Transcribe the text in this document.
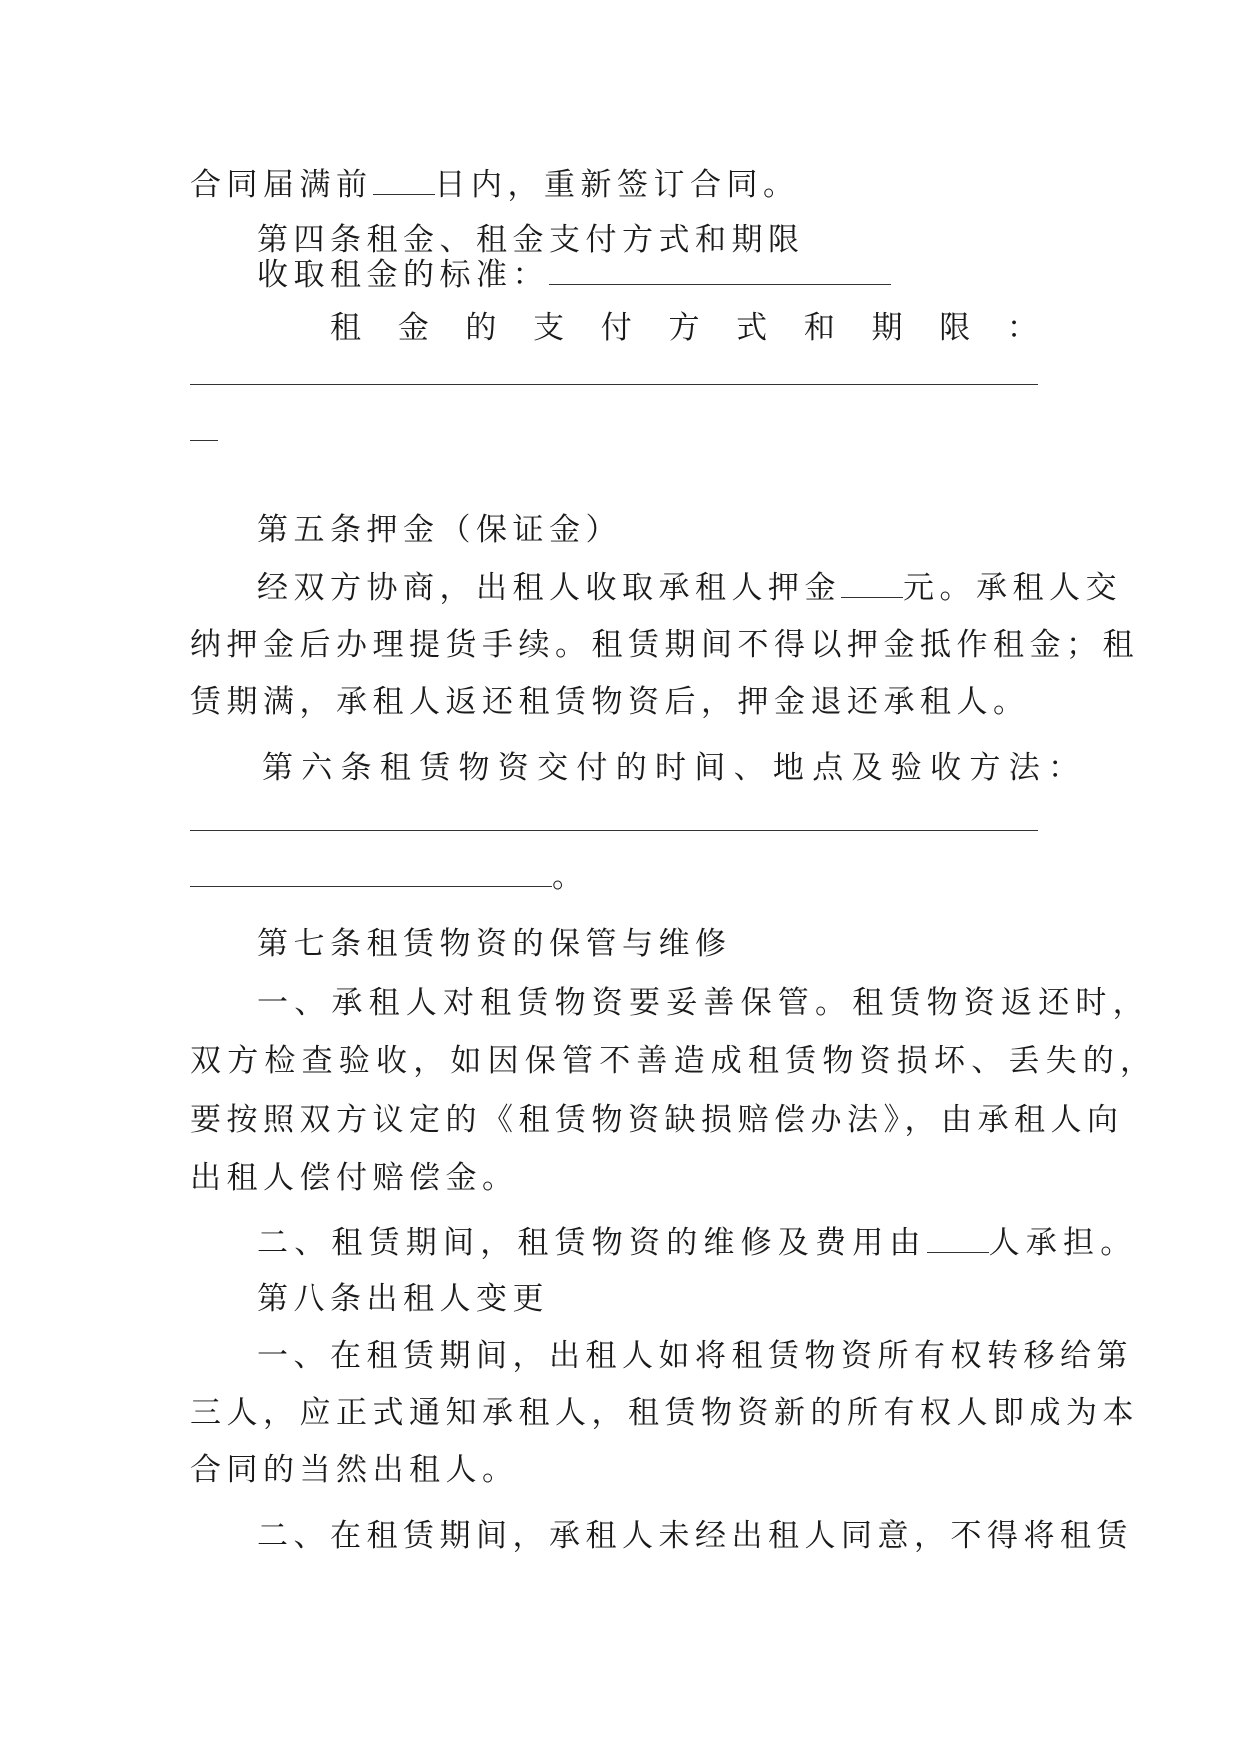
合同届满前 日内，重新签订合同。
第四条租金、租金支付方式和期限
收取租金的标准：
租 金 的 支 付 方 式 和 期 限 ：
第五条押金（保证金）
经双方协商，出租人收取承租人押金 元。承租人交
纳押金后办理提货手续。租赁期间不得以押金抵作租金；租
赁期满，承租人返还租赁物资后，押金退还承租人。
第六条租赁物资交付的时间、地点及验收方法：
。
第七条租赁物资的保管与维修
一、承租人对租赁物资要妥善保管。租赁物资返还时，
双方检查验收，如因保管不善造成租赁物资损坏、丢失的，
要按照双方议定的《租赁物资缺损赔偿办法》，由承租人向
出租人偿付赔偿金。
二、租赁期间，租赁物资的维修及费用由 人承担。
第八条出租人变更
一、在租赁期间，出租人如将租赁物资所有权转移给第
三人，应正式通知承租人，租赁物资新的所有权人即成为本
合同的当然出租人。
二、在租赁期间，承租人未经出租人同意，不得将租赁
